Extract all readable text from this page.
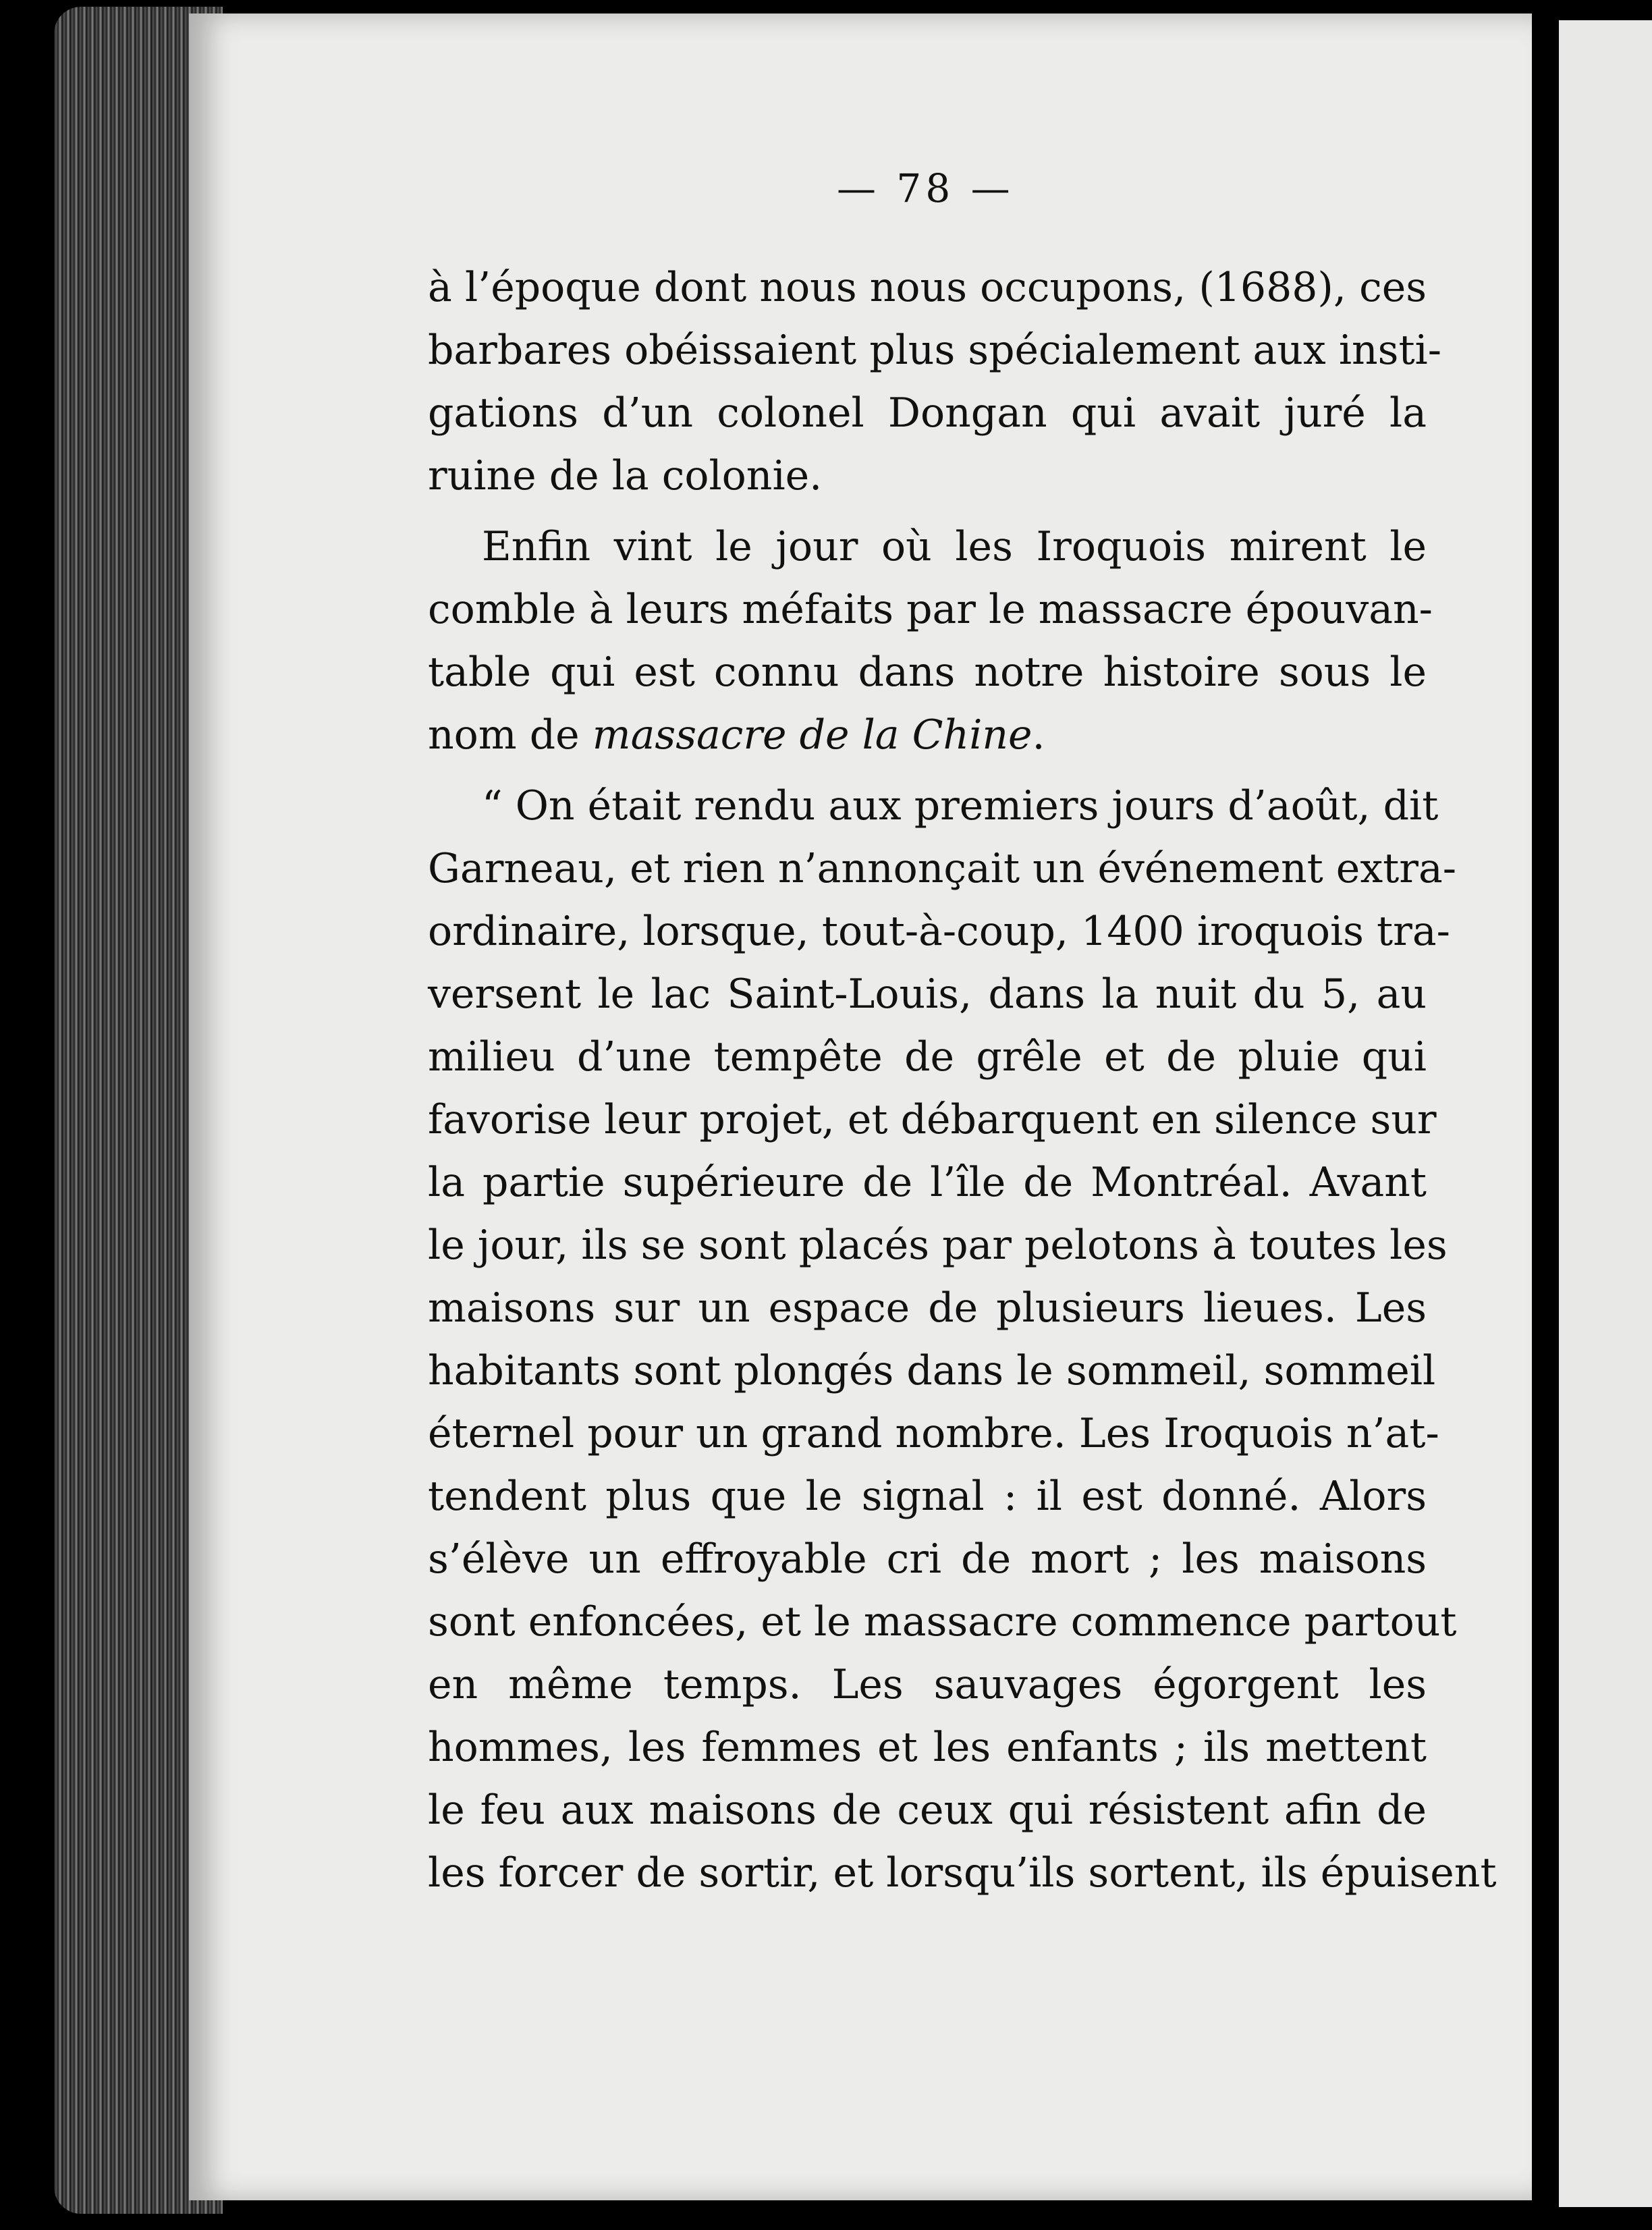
— 78 —
à l’époque dont nous nous occupons, (1688), ces
barbares obéissaient plus spécialement aux insti-
gations d’un colonel Dongan qui avait juré la
ruine de la colonie.
Enfin vint le jour où les Iroquois mirent le
comble à leurs méfaits par le massacre épouvan-
table qui est connu dans notre histoire sous le
nom de massacre de la Chine.
“ On était rendu aux premiers jours d’août, dit
Garneau, et rien n’annonçait un événement extra-
ordinaire, lorsque, tout-à-coup, 1400 iroquois tra-
versent le lac Saint-Louis, dans la nuit du 5, au
milieu d’une tempête de grêle et de pluie qui
favorise leur projet, et débarquent en silence sur
la partie supérieure de l’île de Montréal. Avant
le jour, ils se sont placés par pelotons à toutes les
maisons sur un espace de plusieurs lieues. Les
habitants sont plongés dans le sommeil, sommeil
éternel pour un grand nombre. Les Iroquois n’at-
tendent plus que le signal : il est donné. Alors
s’élève un effroyable cri de mort ; les maisons
sont enfoncées, et le massacre commence partout
en même temps. Les sauvages égorgent les
hommes, les femmes et les enfants ; ils mettent
le feu aux maisons de ceux qui résistent afin de
les forcer de sortir, et lorsqu’ils sortent, ils épuisent
